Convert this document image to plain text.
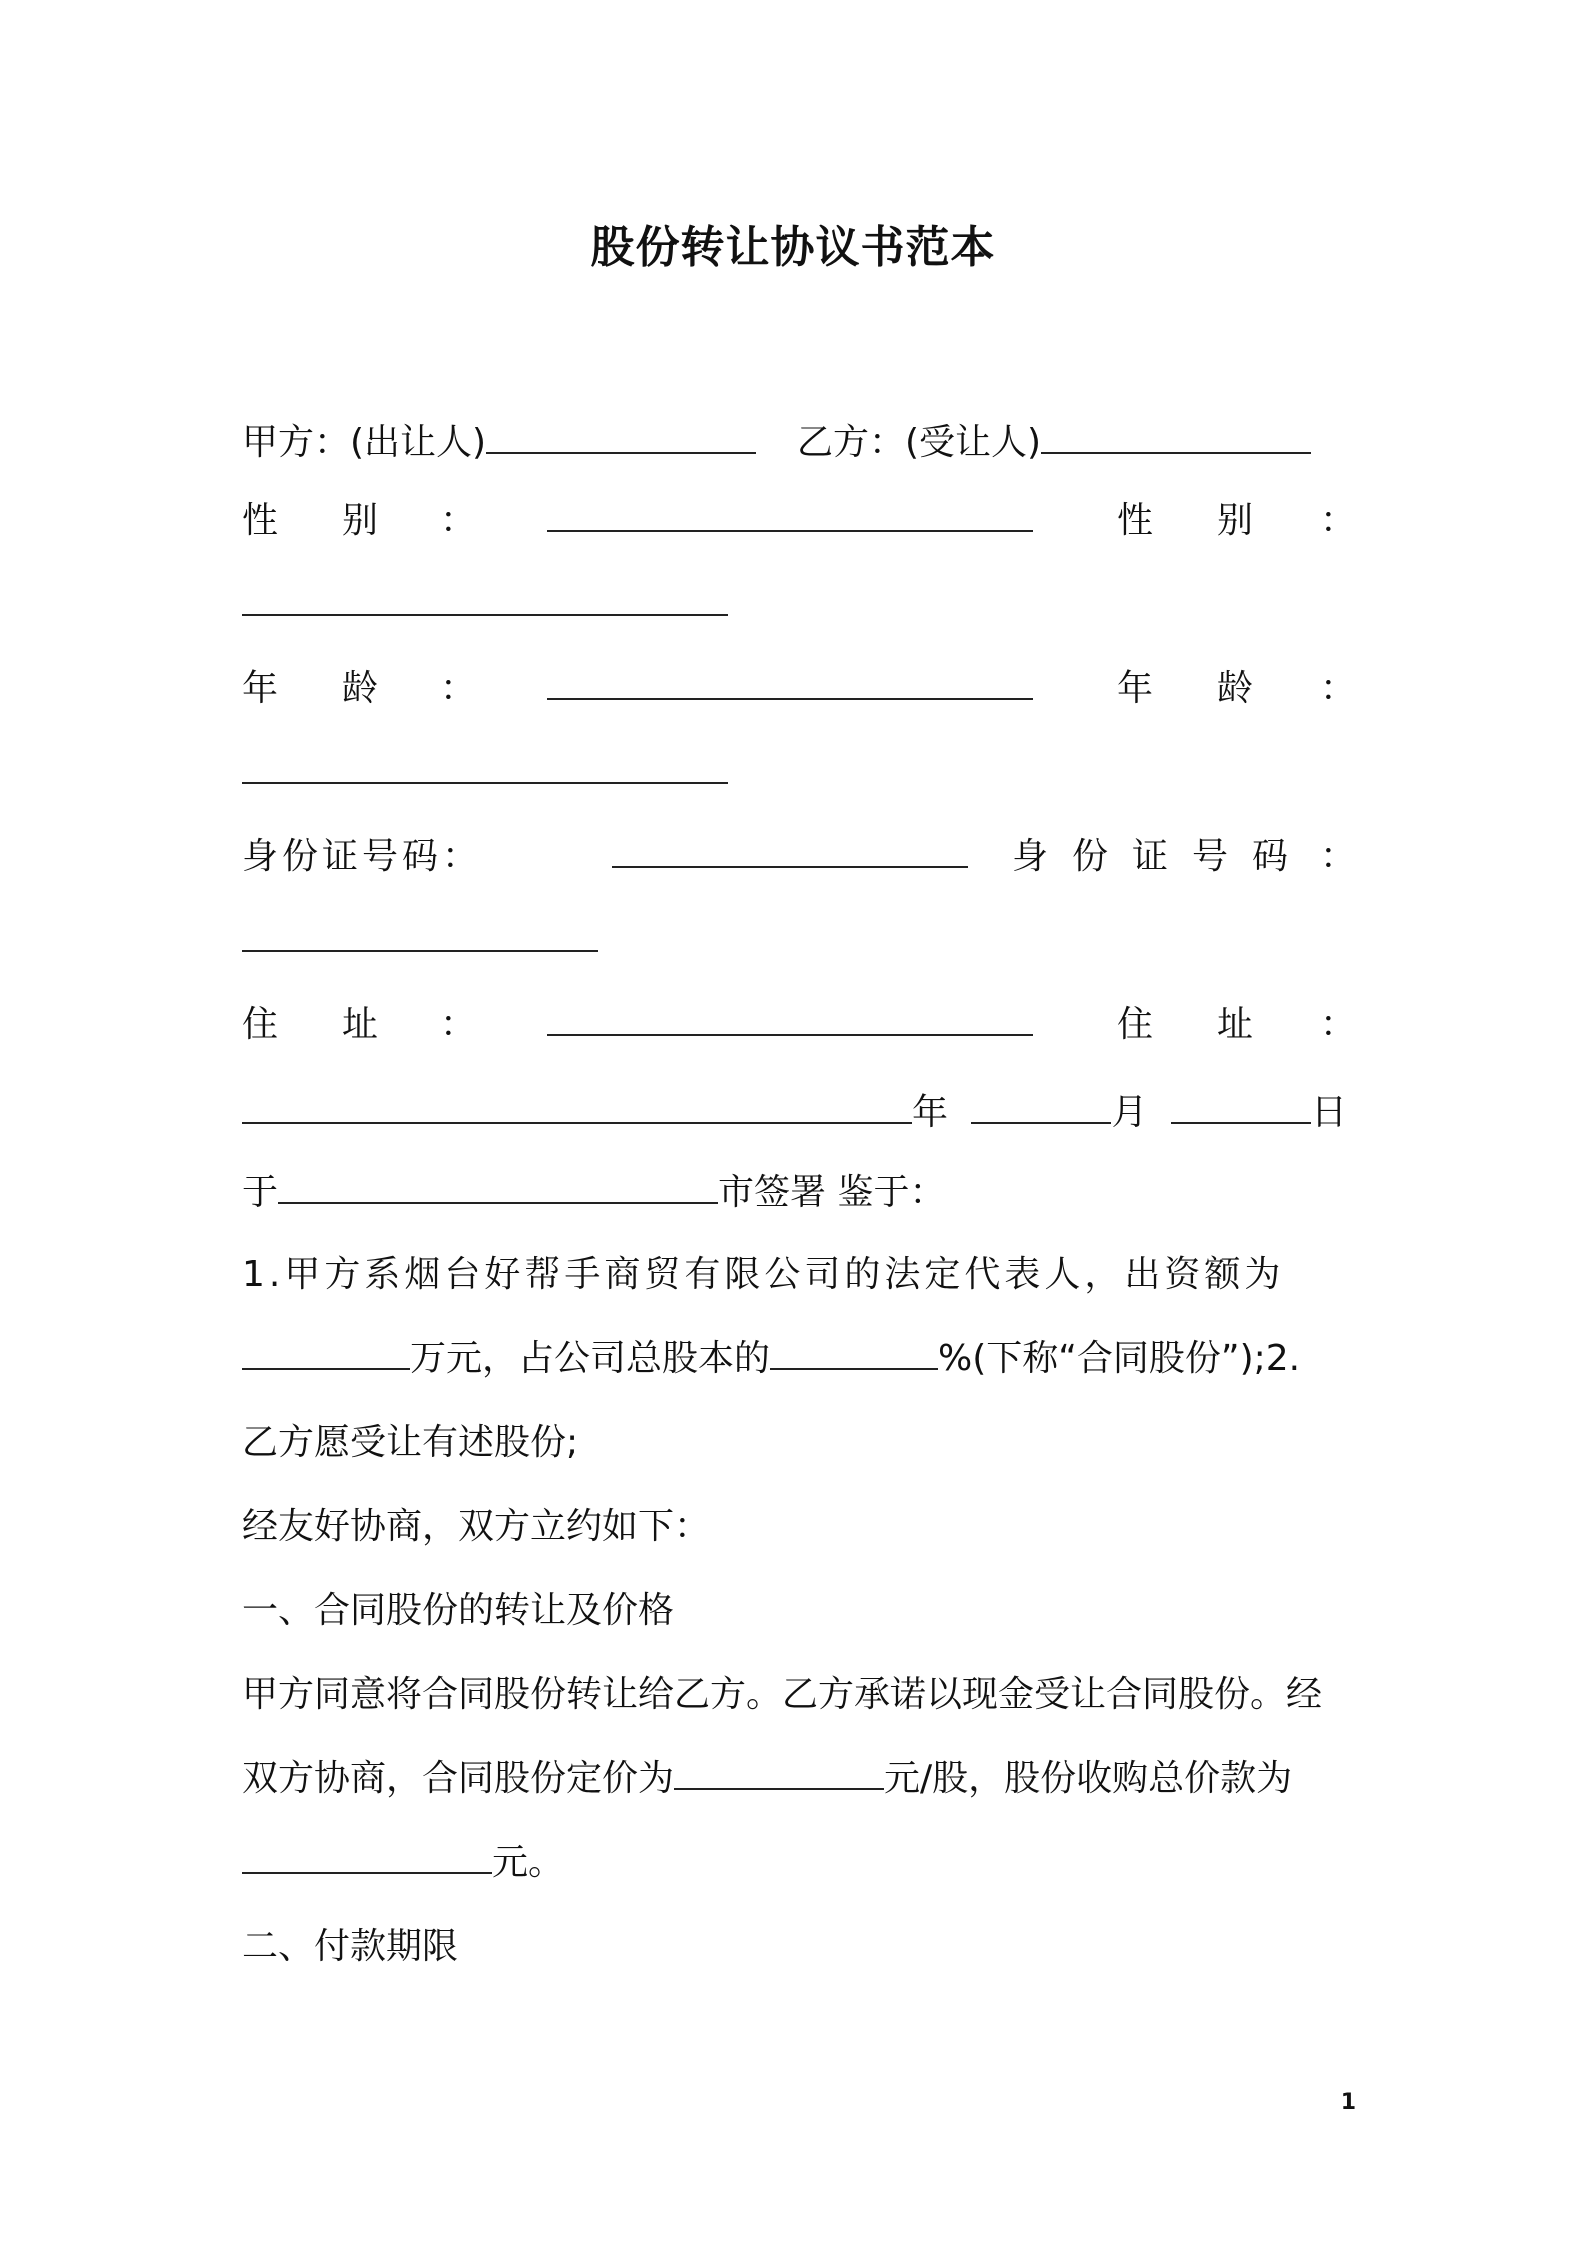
股份转让协议书范本
甲方：(出让人)	乙方：(受让人)
性 别 ：	性 别 ：
年 龄 ：	年 龄 ：
身 份 证 号 码 ：	身 份 证 号 码 ：
住 址 ：	住 址 ：
年	月	日
于	市签署 鉴于：
1.甲方系烟台好帮手商贸有限公司的法定代表人，出资额为
万元，占公司总股本的	%(下称“合同股份”);2.
乙方愿受让有述股份;
经友好协商，双方立约如下：
一、合同股份的转让及价格
甲方同意将合同股份转让给乙方。乙方承诺以现金受让合同股份。经
双方协商，合同股份定价为	元/股，股份收购总价款为
元。
二、付款期限
1
